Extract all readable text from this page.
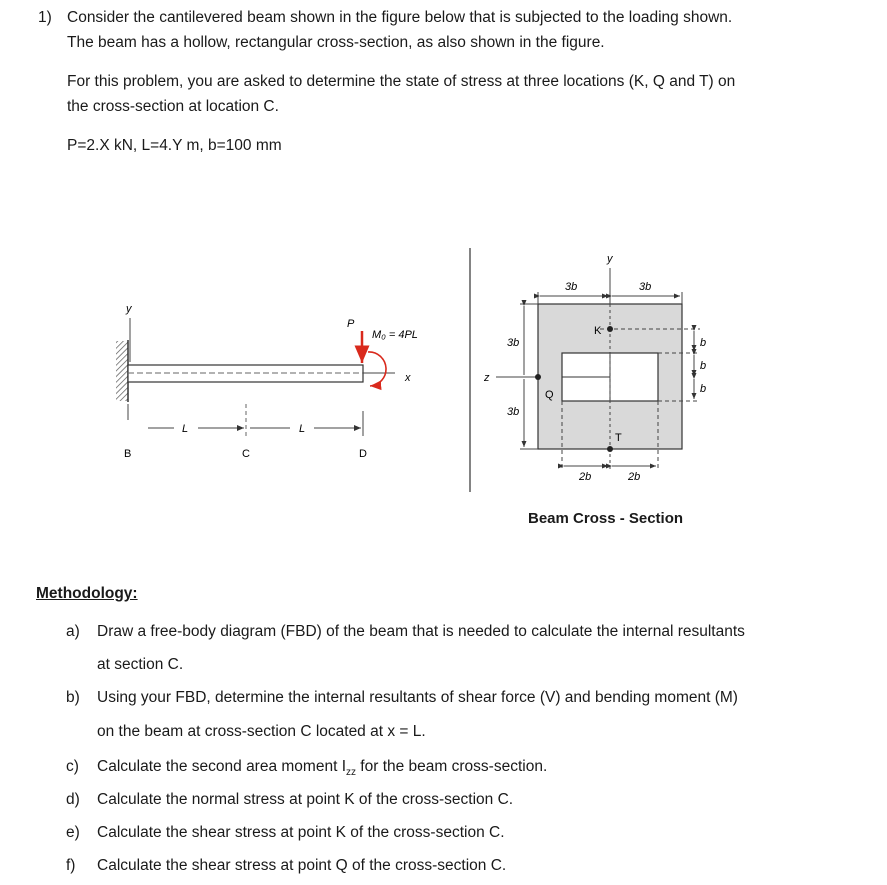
1) Consider the cantilevered beam shown in the figure below that is subjected to the loading shown.
The beam has a hollow, rectangular cross-section, as also shown in the figure.
For this problem, you are asked to determine the state of stress at three locations (K, Q and T) on
the cross-section at location C.
P=2.X kN, L=4.Y m, b=100 mm
y
x
P
M₀ = 4PL
L	L
B	C	D
y
z
3b	3b
3b
3b
b
b
b
2b	2b
K
Q
T
Beam Cross - Section
Methodology:
a) Draw a free-body diagram (FBD) of the beam that is needed to calculate the internal resultants
at section C.
b) Using your FBD, determine the internal resultants of shear force (V) and bending moment (M)
on the beam at cross-section C located at x = L.
c) Calculate the second area moment $I_{zz}$ for the beam cross-section.
d) Calculate the normal stress at point K of the cross-section C.
e) Calculate the shear stress at point K of the cross-section C.
f) Calculate the shear stress at point Q of the cross-section C.
